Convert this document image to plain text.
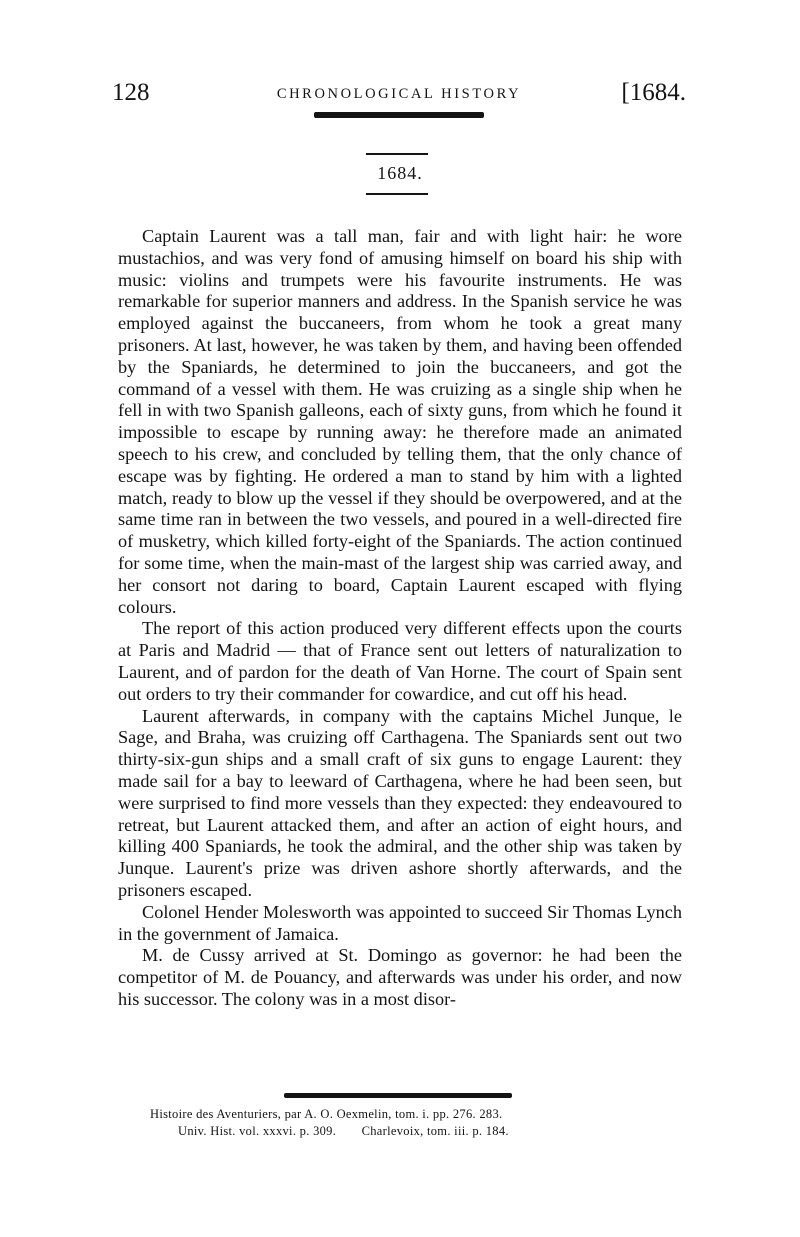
128	CHRONOLOGICAL HISTORY	[1684.
1684.

Captain Laurent was a tall man, fair and with light hair: he wore mustachios, and was very fond of amusing himself on board his ship with music: violins and trumpets were his favourite instruments. He was remarkable for superior manners and address. In the Spanish service he was employed against the buccaneers, from whom he took a great many prisoners. At last, however, he was taken by them, and having been offended by the Spaniards, he determined to join the buccaneers, and got the command of a vessel with them. He was cruizing as a single ship when he fell in with two Spanish galleons, each of sixty guns, from which he found it impossible to escape by running away: he therefore made an animated speech to his crew, and concluded by telling them, that the only chance of escape was by fighting. He ordered a man to stand by him with a lighted match, ready to blow up the vessel if they should be overpowered, and at the same time ran in between the two vessels, and poured in a well-directed fire of musketry, which killed forty-eight of the Spaniards. The action continued for some time, when the main-mast of the largest ship was carried away, and her consort not daring to board, Captain Laurent escaped with flying colours.

The report of this action produced very different effects upon the courts at Paris and Madrid — that of France sent out letters of naturalization to Laurent, and of pardon for the death of Van Horne. The court of Spain sent out orders to try their commander for cowardice, and cut off his head.

Laurent afterwards, in company with the captains Michel Junque, le Sage, and Braha, was cruizing off Carthagena. The Spaniards sent out two thirty-six-gun ships and a small craft of six guns to engage Laurent: they made sail for a bay to leeward of Carthagena, where he had been seen, but were surprised to find more vessels than they expected: they endeavoured to retreat, but Laurent attacked them, and after an action of eight hours, and killing 400 Spaniards, he took the admiral, and the other ship was taken by Junque. Laurent's prize was driven ashore shortly afterwards, and the prisoners escaped.

Colonel Hender Molesworth was appointed to succeed Sir Thomas Lynch in the government of Jamaica.

M. de Cussy arrived at St. Domingo as governor: he had been the competitor of M. de Pouancy, and afterwards was under his order, and now his successor. The colony was in a most disor-

Histoire des Aventuriers, par A. O. Oexmelin, tom. i. pp. 276. 283.
Univ. Hist. vol. xxxvi. p. 309. Charlevoix, tom. iii. p. 184.
